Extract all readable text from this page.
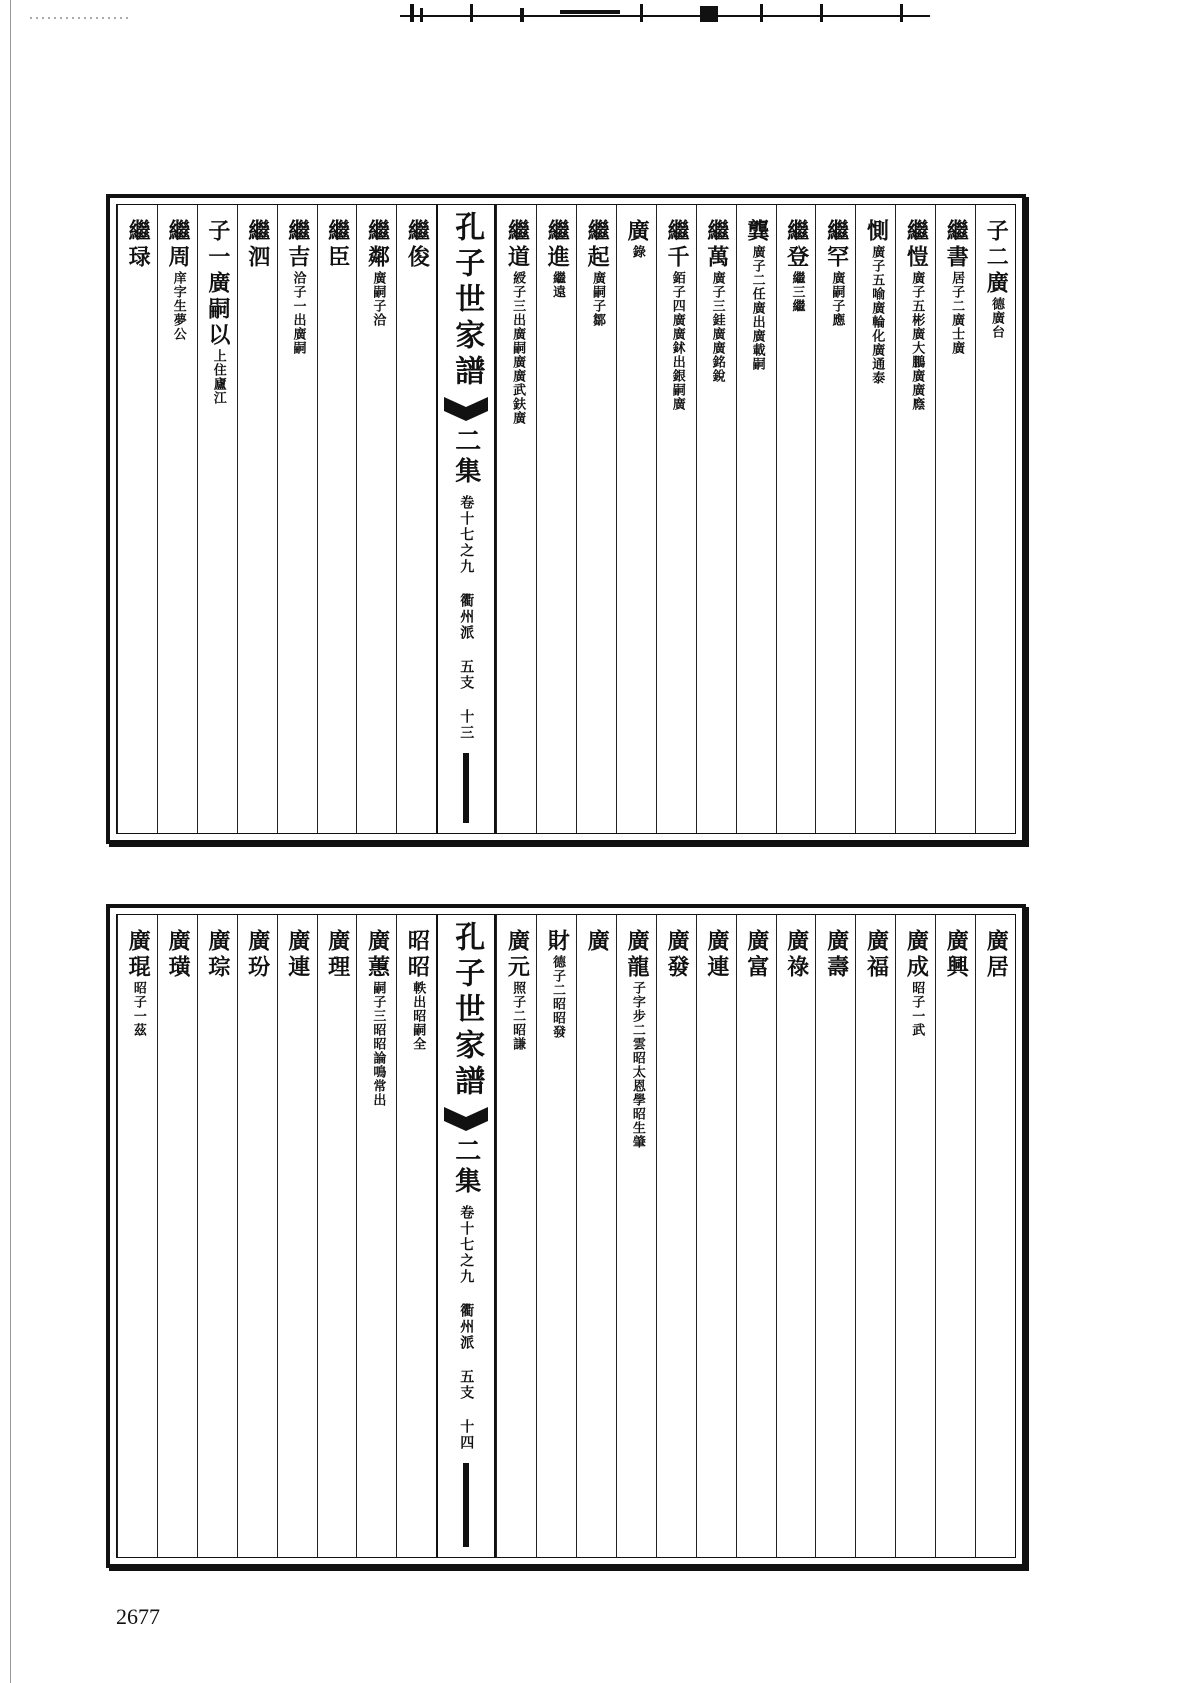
子二廣
德廣台
繼書
居子二
廣士廣
繼愷
廣子五
彬廣大
鵬廣
廣廕
惻
廣子五
喻廣輪
化廣
通泰
繼罕
廣嗣子
應
繼登
繼三
繼
龔
廣子二
任廣
出廣載
嗣
繼萬
廣子三
銈廣
廣銘
銳
繼千
銆子四
廣廣
鉥出銀
嗣廣
廣
錄
繼起
廣嗣子
鄒
繼進
繼遠
繼道
綬子三
出廣
嗣廣
廣武
鈇廣
孔子世家譜
二集
卷十七之九 衢州派 五支 十三
繼俊
繼鄰
廣嗣子
洽
繼臣
繼吉
洽子一
出廣
嗣
繼泗
子一廣嗣以
上住廬江
繼周
庠字生夢公
繼琭
廣居
廣興
廣成
昭子一
武
廣福
廣壽
廣祿
廣富
廣連
廣發
廣龍
子字步
二雲
昭太
恩學
昭生
肇
廣
財
德子二昭
昭發
廣元
照子二
昭謙
孔子世家譜
二集
卷十七之九 衢州派 五支 十四
昭昭
軼出
昭嗣
全
廣蕙
嗣子三
昭昭
論鳴
常出
廣理
廣連
廣玢
廣琮
廣璜
廣琨
昭子一
茲
2677
